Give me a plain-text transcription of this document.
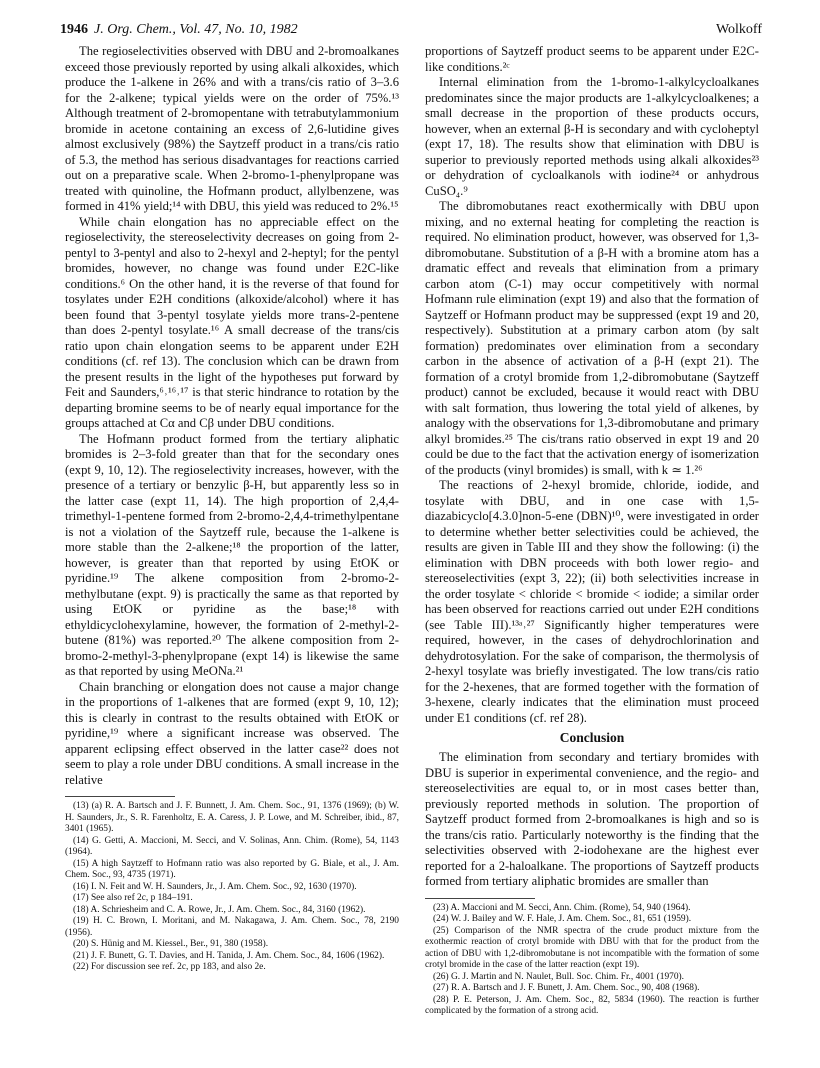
1946 J. Org. Chem., Vol. 47, No. 10, 1982	Wolkoff

The regioselectivities observed with DBU and 2-bromoalkanes exceed those previously reported by using alkali alkoxides, which produce the 1-alkene in 26% and with a trans/cis ratio of 3–3.6 for the 2-alkene; typical yields were on the order of 75%.¹³ Although treatment of 2-bromopentane with tetrabutylammonium bromide in acetone containing an excess of 2,6-lutidine gives almost exclusively (98%) the Saytzeff product in a trans/cis ratio of 5.3, the method has serious disadvantages for reactions carried out on a preparative scale. When 2-bromo-1-phenylpropane was treated with quinoline, the Hofmann product, allylbenzene, was formed in 41% yield;¹⁴ with DBU, this yield was reduced to 2%.¹⁵

While chain elongation has no appreciable effect on the regioselectivity, the stereoselectivity decreases on going from 2-pentyl to 3-pentyl and also to 2-hexyl and 2-heptyl; for the pentyl bromides, however, no change was found under E2C-like conditions.⁶ On the other hand, it is the reverse of that found for tosylates under E2H conditions (alkoxide/alcohol) where it has been found that 3-pentyl tosylate yields more trans-2-pentene than does 2-pentyl tosylate.¹⁶ A small decrease of the trans/cis ratio upon chain elongation seems to be apparent under E2H conditions (cf. ref 13). The conclusion which can be drawn from the present results in the light of the hypotheses put forward by Feit and Saunders,⁶˒¹⁶˒¹⁷ is that steric hindrance to rotation by the departing bromine seems to be of nearly equal importance for the groups attached at Cα and Cβ under DBU conditions.

The Hofmann product formed from the tertiary aliphatic bromides is 2–3-fold greater than that for the secondary ones (expt 9, 10, 12). The regioselectivity increases, however, with the presence of a tertiary or benzylic β-H, but apparently less so in the latter case (expt 11, 14). The high proportion of 2,4,4-trimethyl-1-pentene formed from 2-bromo-2,4,4-trimethylpentane is not a violation of the Saytzeff rule, because the 1-alkene is more stable than the 2-alkene;¹⁸ the proportion of the latter, however, is greater than that reported by using EtOK or pyridine.¹⁹ The alkene composition from 2-bromo-2-methylbutane (expt. 9) is practically the same as that reported by using EtOK or pyridine as the base;¹⁸ with ethyldicyclohexylamine, however, the formation of 2-methyl-2-butene (81%) was reported.²⁰ The alkene composition from 2-bromo-2-methyl-3-phenylpropane (expt 14) is likewise the same as that reported by using MeONa.²¹

Chain branching or elongation does not cause a major change in the proportions of 1-alkenes that are formed (expt 9, 10, 12); this is clearly in contrast to the results obtained with EtOK or pyridine,¹⁹ where a significant increase was observed. The apparent eclipsing effect observed in the latter case²² does not seem to play a role under DBU conditions. A small increase in the relative

(13) (a) R. A. Bartsch and J. F. Bunnett, J. Am. Chem. Soc., 91, 1376 (1969); (b) W. H. Saunders, Jr., S. R. Farenholtz, E. A. Caress, J. P. Lowe, and M. Schreiber, ibid., 87, 3401 (1965).

(14) G. Getti, A. Maccioni, M. Secci, and V. Solinas, Ann. Chim. (Rome), 54, 1143 (1964).

(15) A high Saytzeff to Hofmann ratio was also reported by G. Biale, et al., J. Am. Chem. Soc., 93, 4735 (1971).

(16) I. N. Feit and W. H. Saunders, Jr., J. Am. Chem. Soc., 92, 1630 (1970).

(17) See also ref 2c, p 184–191.

(18) A. Schriesheim and C. A. Rowe, Jr., J. Am. Chem. Soc., 84, 3160 (1962).

(19) H. C. Brown, I. Moritani, and M. Nakagawa, J. Am. Chem. Soc., 78, 2190 (1956).

(20) S. Hünig and M. Kiessel., Ber., 91, 380 (1958).

(21) J. F. Bunett, G. T. Davies, and H. Tanida, J. Am. Chem. Soc., 84, 1606 (1962).

(22) For discussion see ref. 2c, pp 183, and also 2e.

proportions of Saytzeff product seems to be apparent under E2C-like conditions.²ᶜ

Internal elimination from the 1-bromo-1-alkylcycloalkanes predominates since the major products are 1-alkylcycloalkenes; a small decrease in the proportion of these products occurs, however, when an external β-H is secondary and with cycloheptyl (expt 17, 18). The results show that elimination with DBU is superior to previously reported methods using alkali alkoxides²³ or dehydration of cycloalkanols with iodine²⁴ or anhydrous CuSO₄.⁹

The dibromobutanes react exothermically with DBU upon mixing, and no external heating for completing the reaction is required. No elimination product, however, was observed for 1,3-dibromobutane. Substitution of a β-H with a bromine atom has a dramatic effect and reveals that elimination from a primary carbon atom (C-1) may occur competitively with normal Hofmann rule elimination (expt 19) and also that the formation of Saytzeff or Hofmann product may be suppressed (expt 19 and 20, respectively). Substitution at a primary carbon atom (by salt formation) predominates over elimination from a secondary carbon in the absence of activation of a β-H (expt 21). The formation of a crotyl bromide from 1,2-dibromobutane (Saytzeff product) cannot be excluded, because it would react with DBU with salt formation, thus lowering the total yield of alkenes, by analogy with the observations for 1,3-dibromobutane and primary alkyl bromides.²⁵ The cis/trans ratio observed in expt 19 and 20 could be due to the fact that the activation energy of isomerization of the products (vinyl bromides) is small, with k ≃ 1.²⁶

The reactions of 2-hexyl bromide, chloride, iodide, and tosylate with DBU, and in one case with 1,5-diazabicyclo[4.3.0]non-5-ene (DBN)¹⁰, were investigated in order to determine whether better selectivities could be achieved, the results are given in Table III and they show the following: (i) the elimination with DBN proceeds with both lower regio- and stereoselectivities (expt 3, 22); (ii) both selectivities increase in the order tosylate < chloride < bromide < iodide; a similar order has been observed for reactions carried out under E2H conditions (see Table III).¹³ᵃ˒²⁷ Significantly higher temperatures were required, however, in the cases of dehydrochlorination and dehydrotosylation. For the sake of comparison, the thermolysis of 2-hexyl tosylate was briefly investigated. The low trans/cis ratio for the 2-hexenes, that are formed together with the formation of 3-hexene, clearly indicates that the elimination must proceed under E1 conditions (cf. ref 28).

Conclusion

The elimination from secondary and tertiary bromides with DBU is superior in experimental convenience, and the regio- and stereoselectivities are equal to, or in most cases better than, previously reported methods in solution. The proportion of Saytzeff product formed from 2-bromoalkanes is high and so is the trans/cis ratio. Particularly noteworthy is the finding that the selectivities observed with 2-iodohexane are the highest ever reported for a 2-haloalkane. The proportions of Saytzeff products formed from tertiary aliphatic bromides are smaller than

(23) A. Maccioni and M. Secci, Ann. Chim. (Rome), 54, 940 (1964).

(24) W. J. Bailey and W. F. Hale, J. Am. Chem. Soc., 81, 651 (1959).

(25) Comparison of the NMR spectra of the crude product mixture from the exothermic reaction of crotyl bromide with DBU with that for the product from the action of DBU with 1,2-dibromobutane is not incompatible with the formation of some crotyl bromide in the case of the latter reaction (expt 19).

(26) G. J. Martin and N. Naulet, Bull. Soc. Chim. Fr., 4001 (1970).

(27) R. A. Bartsch and J. F. Bunett, J. Am. Chem. Soc., 90, 408 (1968).

(28) P. E. Peterson, J. Am. Chem. Soc., 82, 5834 (1960). The reaction is further complicated by the formation of a strong acid.
